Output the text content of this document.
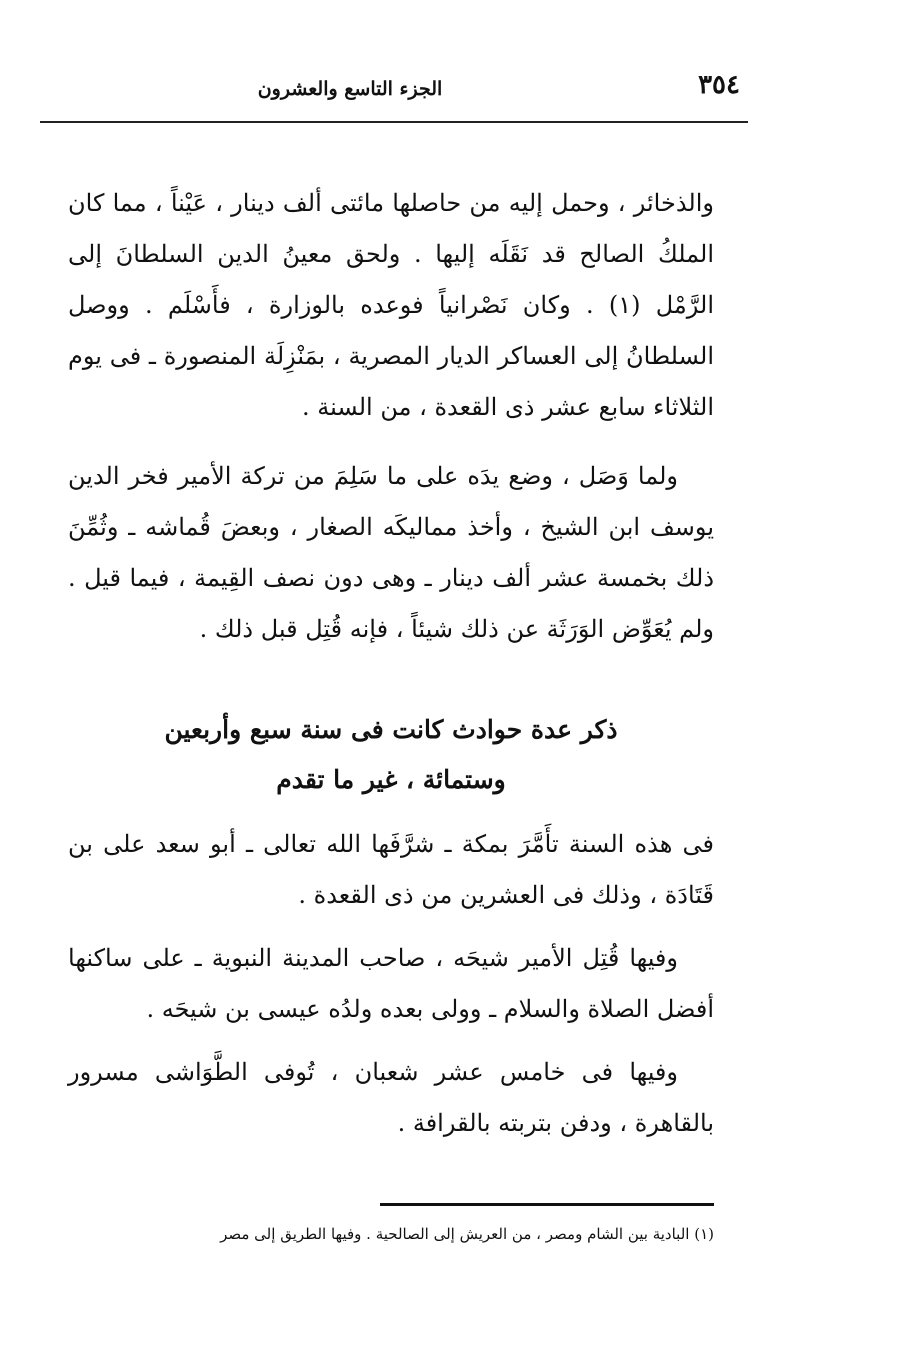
٣٥٤
الجزء التاسع والعشرون

والذخائر ، وحمل إليه من حاصلها مائتى ألف دينار ، عَيْناً ، مما كان الملكُ الصالح قد نَقَلَه إليها . ولحق معينُ الدين السلطانَ إلى الرَّمْل (١) . وكان نَصْرانياً فوعده بالوزارة ، فأَسْلَم . ووصل السلطانُ إلى العساكر الديار المصرية ، بمَنْزِلَة المنصورة ـ فى يوم الثلاثاء سابع عشر ذى القعدة ، من السنة .

ولما وَصَل ، وضع يدَه على ما سَلِمَ من تركة الأمير فخر الدين يوسف ابن الشيخ ، وأخذ مماليكَه الصغار ، وبعضَ قُماشه ـ وثُمِّنَ ذلك بخمسة عشر ألف دينار ـ وهى دون نصف القِيمة ، فيما قيل . ولم يُعَوِّض الوَرَثَة عن ذلك شيئاً ، فإنه قُتِل قبل ذلك .

ذكر عدة حوادث كانت فى سنة سبع وأربعين
وستمائة ، غير ما تقدم

فى هذه السنة تأَمَّرَ بمكة ـ شرَّفَها الله تعالى ـ أبو سعد على بن قَتَادَة ، وذلك فى العشرين من ذى القعدة .

وفيها قُتِل الأمير شيحَه ، صاحب المدينة النبوية ـ على ساكنها أفضل الصلاة والسلام ـ وولى بعده ولدُه عيسى بن شيحَه .

وفيها فى خامس عشر شعبان ، تُوفى الطَّوَاشى مسرور بالقاهرة ، ودفن بتربته بالقرافة .

(١) البادية بين الشام ومصر ، من العريش إلى الصالحية . وفيها الطريق إلى مصر
